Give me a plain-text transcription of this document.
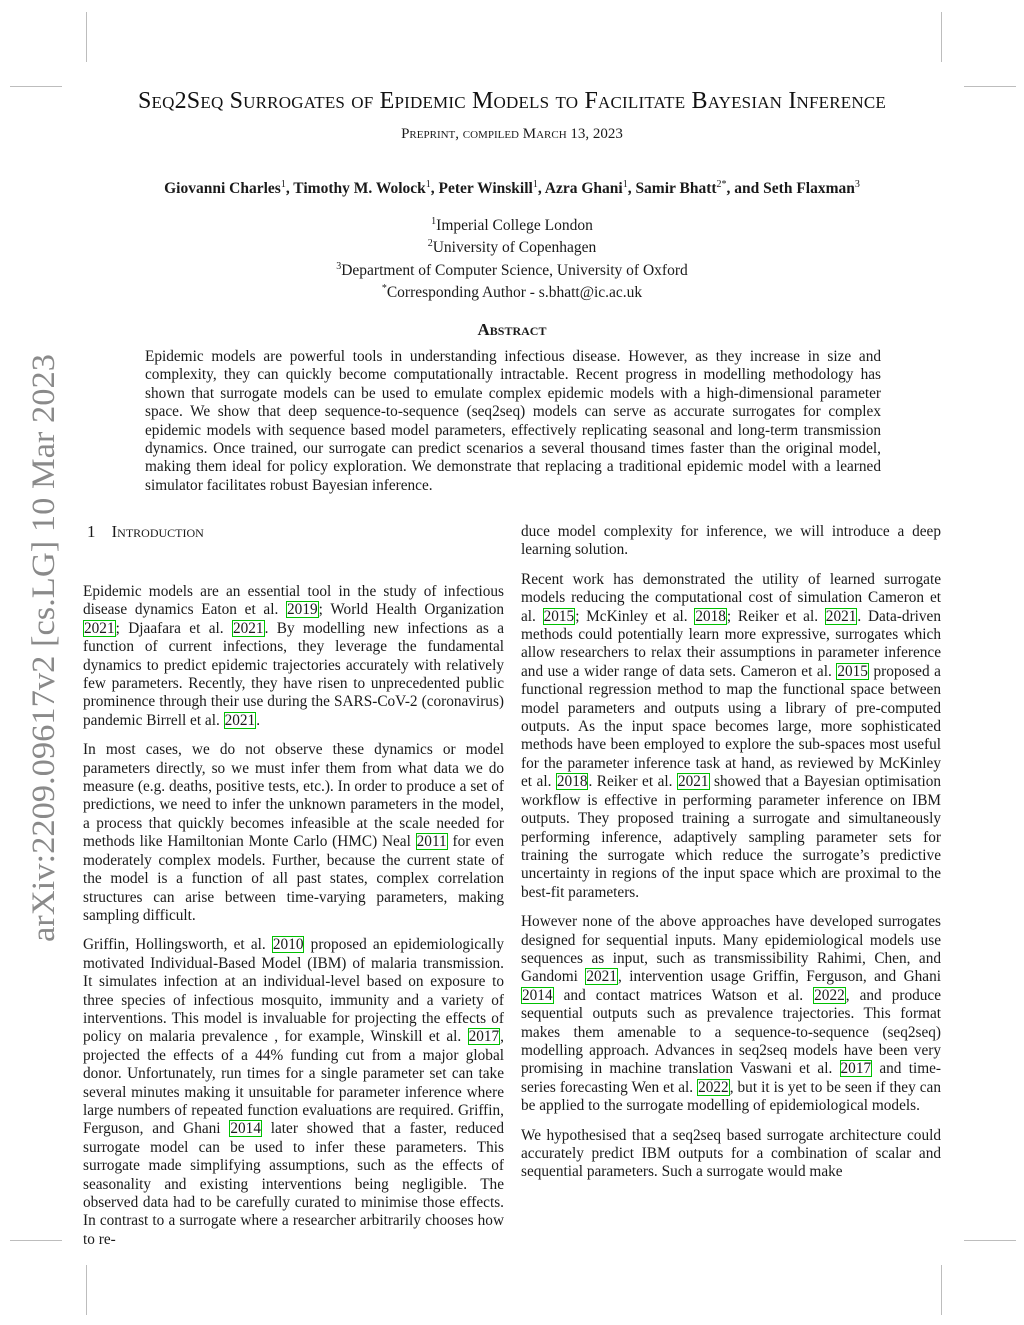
arXiv:2209.09617v2 [cs.LG] 10 Mar 2023
Seq2Seq Surrogates of Epidemic Models to Facilitate Bayesian Inference
Preprint, compiled March 13, 2023
Giovanni Charles$^1$, Timothy M. Wolock$^1$, Peter Winskill$^1$, Azra Ghani$^1$, Samir Bhatt$^{2*}$, and Seth Flaxman$^3$
$^1$Imperial College London
$^2$University of Copenhagen
$^3$Department of Computer Science, University of Oxford
*Corresponding Author - s.bhatt@ic.ac.uk
Abstract
Epidemic models are powerful tools in understanding infectious disease. However, as they increase in size and complexity, they can quickly become computationally intractable. Recent progress in modelling methodology has shown that surrogate models can be used to emulate complex epidemic models with a high-dimensional parameter space. We show that deep sequence-to-sequence (seq2seq) models can serve as accurate surrogates for complex epidemic models with sequence based model parameters, effectively replicating seasonal and long-term transmission dynamics. Once trained, our surrogate can predict scenarios a several thousand times faster than the original model, making them ideal for policy exploration. We demonstrate that replacing a traditional epidemic model with a learned simulator facilitates robust Bayesian inference.
1 Introduction

Epidemic models are an essential tool in the study of infectious disease dynamics Eaton et al. 2019; World Health Organization 2021; Djaafara et al. 2021. By modelling new infections as a function of current infections, they leverage the fundamental dynamics to predict epidemic trajectories accurately with relatively few parameters. Recently, they have risen to unprecedented public prominence through their use during the SARS-CoV-2 (coronavirus) pandemic Birrell et al. 2021.

In most cases, we do not observe these dynamics or model parameters directly, so we must infer them from what data we do measure (e.g. deaths, positive tests, etc.). In order to produce a set of predictions, we need to infer the unknown parameters in the model, a process that quickly becomes infeasible at the scale needed for methods like Hamiltonian Monte Carlo (HMC) Neal 2011 for even moderately complex models. Further, because the current state of the model is a function of all past states, complex correlation structures can arise between time-varying parameters, making sampling difficult.

Griffin, Hollingsworth, et al. 2010 proposed an epidemiologically motivated Individual-Based Model (IBM) of malaria transmission. It simulates infection at an individual-level based on exposure to three species of infectious mosquito, immunity and a variety of interventions. This model is invaluable for projecting the effects of policy on malaria prevalence , for example, Winskill et al. 2017, projected the effects of a 44% funding cut from a major global donor. Unfortunately, run times for a single parameter set can take several minutes making it unsuitable for parameter inference where large numbers of repeated function evaluations are required. Griffin, Ferguson, and Ghani 2014 later showed that a faster, reduced surrogate model can be used to infer these parameters. This surrogate made simplifying assumptions, such as the effects of seasonality and existing interventions being negligible. The observed data had to be carefully curated to minimise those effects. In contrast to a surrogate where a researcher arbitrarily chooses how to re-

duce model complexity for inference, we will introduce a deep learning solution.

Recent work has demonstrated the utility of learned surrogate models reducing the computational cost of simulation Cameron et al. 2015; McKinley et al. 2018; Reiker et al. 2021. Data-driven methods could potentially learn more expressive, surrogates which allow researchers to relax their assumptions in parameter inference and use a wider range of data sets. Cameron et al. 2015 proposed a functional regression method to map the functional space between model parameters and outputs using a library of pre-computed outputs. As the input space becomes large, more sophisticated methods have been employed to explore the sub-spaces most useful for the parameter inference task at hand, as reviewed by McKinley et al. 2018. Reiker et al. 2021 showed that a Bayesian optimisation workflow is effective in performing parameter inference on IBM outputs. They proposed training a surrogate and simultaneously performing inference, adaptively sampling parameter sets for training the surrogate which reduce the surrogate’s predictive uncertainty in regions of the input space which are proximal to the best-fit parameters.

However none of the above approaches have developed surrogates designed for sequential inputs. Many epidemiological models use sequences as input, such as transmissibility Rahimi, Chen, and Gandomi 2021, intervention usage Griffin, Ferguson, and Ghani 2014 and contact matrices Watson et al. 2022, and produce sequential outputs such as prevalence trajectories. This format makes them amenable to a sequence-to-sequence (seq2seq) modelling approach. Advances in seq2seq models have been very promising in machine translation Vaswani et al. 2017 and time-series forecasting Wen et al. 2022, but it is yet to be seen if they can be applied to the surrogate modelling of epidemiological models.

We hypothesised that a seq2seq based surrogate architecture could accurately predict IBM outputs for a combination of scalar and sequential parameters. Such a surrogate would make
